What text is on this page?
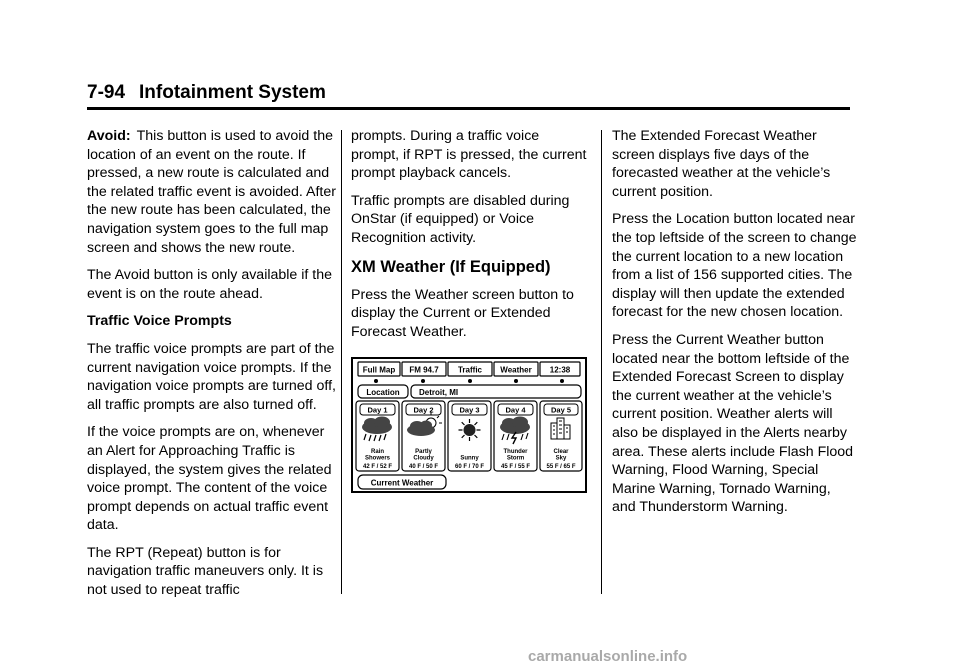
7-94 Infotainment System

Avoid: This button is used to avoid the location of an event on the route. If pressed, a new route is calculated and the related traffic event is avoided. After the new route has been calculated, the navigation system goes to the full map screen and shows the new route.

The Avoid button is only available if the event is on the route ahead.

Traffic Voice Prompts

The traffic voice prompts are part of the current navigation voice prompts. If the navigation voice prompts are turned off, all traffic prompts are also turned off.

If the voice prompts are on, whenever an Alert for Approaching Traffic is displayed, the system gives the related voice prompt. The content of the voice prompt depends on actual traffic event data.

The RPT (Repeat) button is for navigation traffic maneuvers only. It is not used to repeat traffic

prompts. During a traffic voice prompt, if RPT is pressed, the current prompt playback cancels.

Traffic prompts are disabled during OnStar (if equipped) or Voice Recognition activity.

XM Weather (If Equipped)

Press the Weather screen button to display the Current or Extended Forecast Weather.

Full Map FM 94.7 Traffic Weather 12:38
Location Detroit, MI
Day 1
Rain
Showers
42 F / 52 F
Day 2
Partly
Cloudy
40 F / 50 F
Day 3
Sunny
60 F / 70 F
Day 4
Thunder
Storm
45 F / 55 F
Day 5
Clear
Sky
55 F / 65 F
Current Weather

The Extended Forecast Weather screen displays five days of the forecasted weather at the vehicle’s current position.

Press the Location button located near the top leftside of the screen to change the current location to a new location from a list of 156 supported cities. The display will then update the extended forecast for the new chosen location.

Press the Current Weather button located near the bottom leftside of the Extended Forecast Screen to display the current weather at the vehicle’s current position. Weather alerts will also be displayed in the Alerts nearby area. These alerts include Flash Flood Warning, Flood Warning, Special Marine Warning, Tornado Warning, and Thunderstorm Warning.

carmanualsonline.info
